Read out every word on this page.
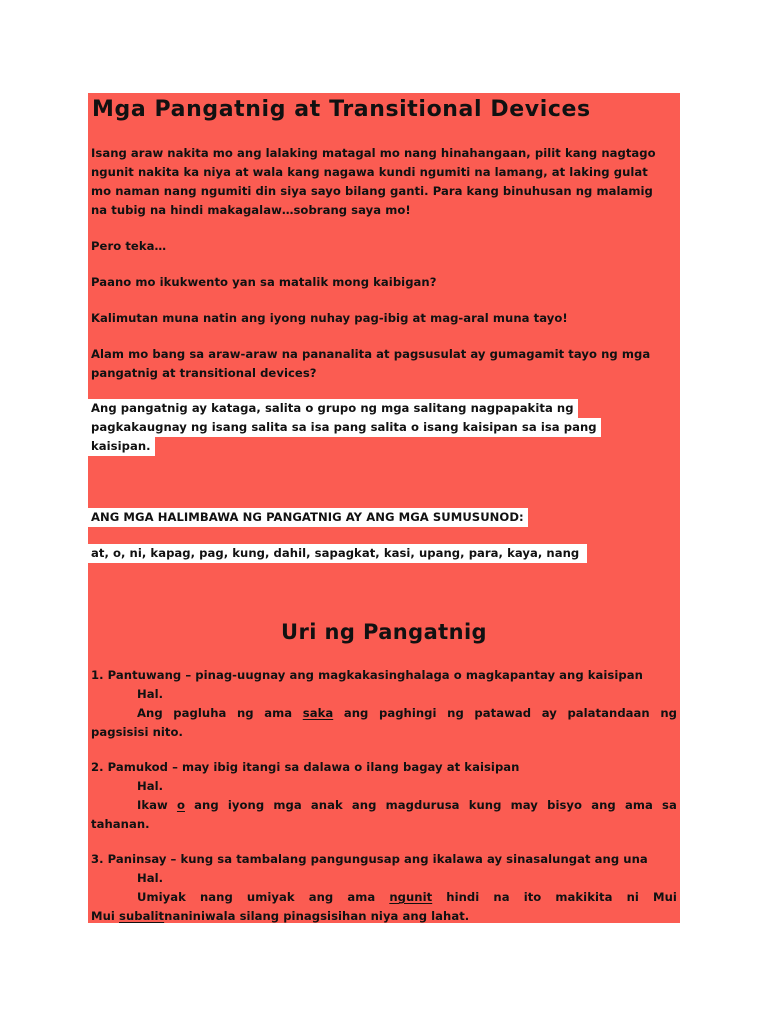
Mga Pangatnig at Transitional Devices
Isang araw nakita mo ang lalaking matagal mo nang hinahangaan, pilit kang nagtago
ngunit nakita ka niya at wala kang nagawa kundi ngumiti na lamang, at laking gulat
mo naman nang ngumiti din siya sayo bilang ganti. Para kang binuhusan ng malamig
na tubig na hindi makagalaw…sobrang saya mo!
Pero teka…
Paano mo ikukwento yan sa matalik mong kaibigan?
Kalimutan muna natin ang iyong nuhay pag-ibig at mag-aral muna tayo!
Alam mo bang sa araw-araw na pananalita at pagsusulat ay gumagamit tayo ng mga
pangatnig at transitional devices?
Ang pangatnig ay kataga, salita o grupo ng mga salitang nagpapakita ng
pagkakaugnay ng isang salita sa isa pang salita o isang kaisipan sa isa pang
kaisipan.
ANG MGA HALIMBAWA NG PANGATNIG AY ANG MGA SUMUSUNOD:
at, o, ni, kapag, pag, kung, dahil, sapagkat, kasi, upang, para, kaya, nang
Uri ng Pangatnig
1. Pantuwang – pinag-uugnay ang magkakasinghalaga o magkapantay ang kaisipan
Hal.
Ang pagluha ng ama saka ang paghingi ng patawad ay palatandaan ng
pagsisisi nito.
2. Pamukod – may ibig itangi sa dalawa o ilang bagay at kaisipan
Hal.
Ikaw o ang iyong mga anak ang magdurusa kung may bisyo ang ama sa
tahanan.
3. Paninsay – kung sa tambalang pangungusap ang ikalawa ay sinasalungat ang una
Hal.
Umiyak nang umiyak ang ama ngunit hindi na ito makikita ni Mui
Mui subalitnaniniwala silang pinagsisihan niya ang lahat.
